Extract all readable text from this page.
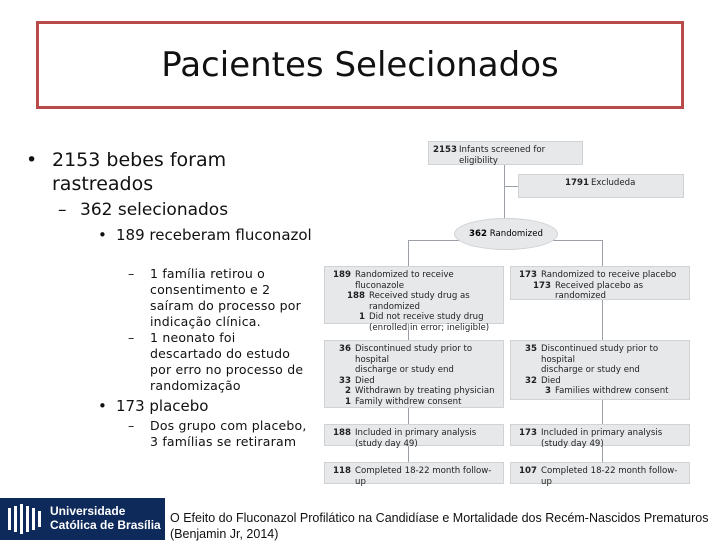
Pacientes Selecionados
• 2153 bebes foram rastreados
– 362 selecionados
• 189 receberam fluconazol
– 1 família retirou o consentimento e 2 saíram do processo por indicação clínica.
– 1 neonato foi descartado do estudo por erro no processo de randomização
• 173 placebo
– Dos grupo com placebo, 3 famílias se retiraram
2153 Infants screened for eligibility
1791 Excludeda
362
Randomized
189 Randomized to receive fluconazole
188 Received study drug as randomized
1 Did not receive study drug
(enrolled in error; ineligible)
173 Randomized to receive placebo
173 Received placebo as randomized
36 Discontinued study prior to hospital
discharge or study end
33 Died
2 Withdrawn by treating physician
1 Family withdrew consent
35 Discontinued study prior to hospital
discharge or study end
32 Died
3 Families withdrew consent
188 Included in primary analysis (study day 49)
173 Included in primary analysis (study day 49)
118 Completed 18-22 month follow-up
107 Completed 18-22 month follow-up
Universidade
Católica de Brasília O Efeito do Fluconazol Profilático na Candidíase e Mortalidade dos Recém-Nascidos Prematuros (Benjamin Jr, 2014)
